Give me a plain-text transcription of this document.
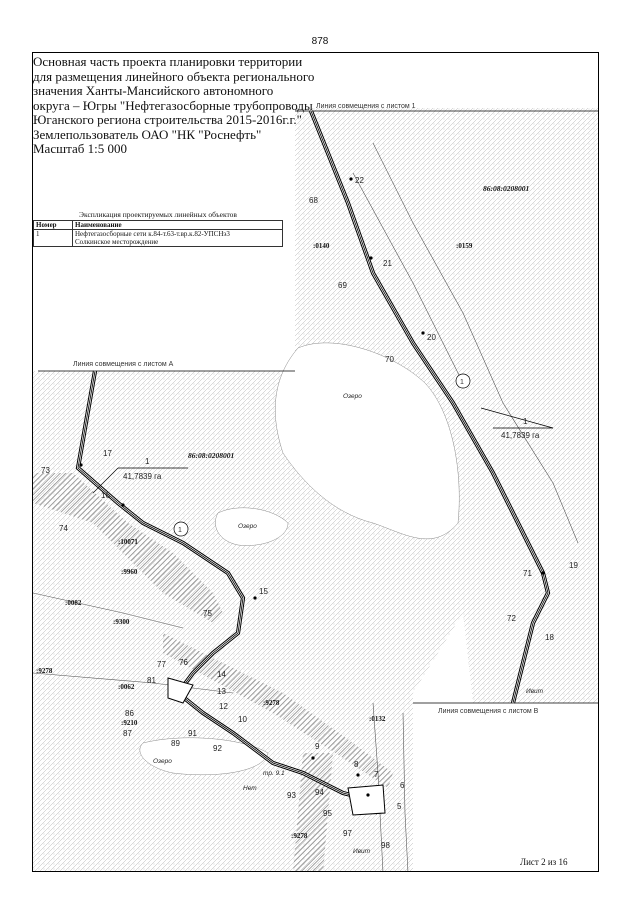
878
Линия совмещения с листом 1
Линия совмещения с листом А
Линия совмещения с листом В
86:08:0208001
86:08:0208001
Озеро
Озеро
Озеро
1
41,7839 га
1
41,7839 га
1
1
:0140	:0159
:10071
:9960
:0082
:9300
:9278
:0062
:9210
:9278
:0132
:9278
22
68
21
69
20
70
19
71
72
18
17
73
16
74
15
75
77 76
14
13
81
12
86
10
87
89
91
92	9
8
7
6
93 94
5
95
97
98
Ивит
Ивит
Нет
тр. 9.1
Основная часть проекта планировки территории
для размещения линейного объекта регионального
значения Ханты-Мансийского автономного
округа – Югры "Нефтегазосборные трубопроводы
Юганского региона строительства 2015-2016г.г."
Землепользователь ОАО "НК "Роснефть"
Масштаб 1:5 000
Экспликация проектируемых линейных объектов
Номер	Наименование
1	Нефтегазосборные сети к.84-т.63-т.вр.к.82-УПСНэ3
Солкинское месторождение
Лист 2 из 16
